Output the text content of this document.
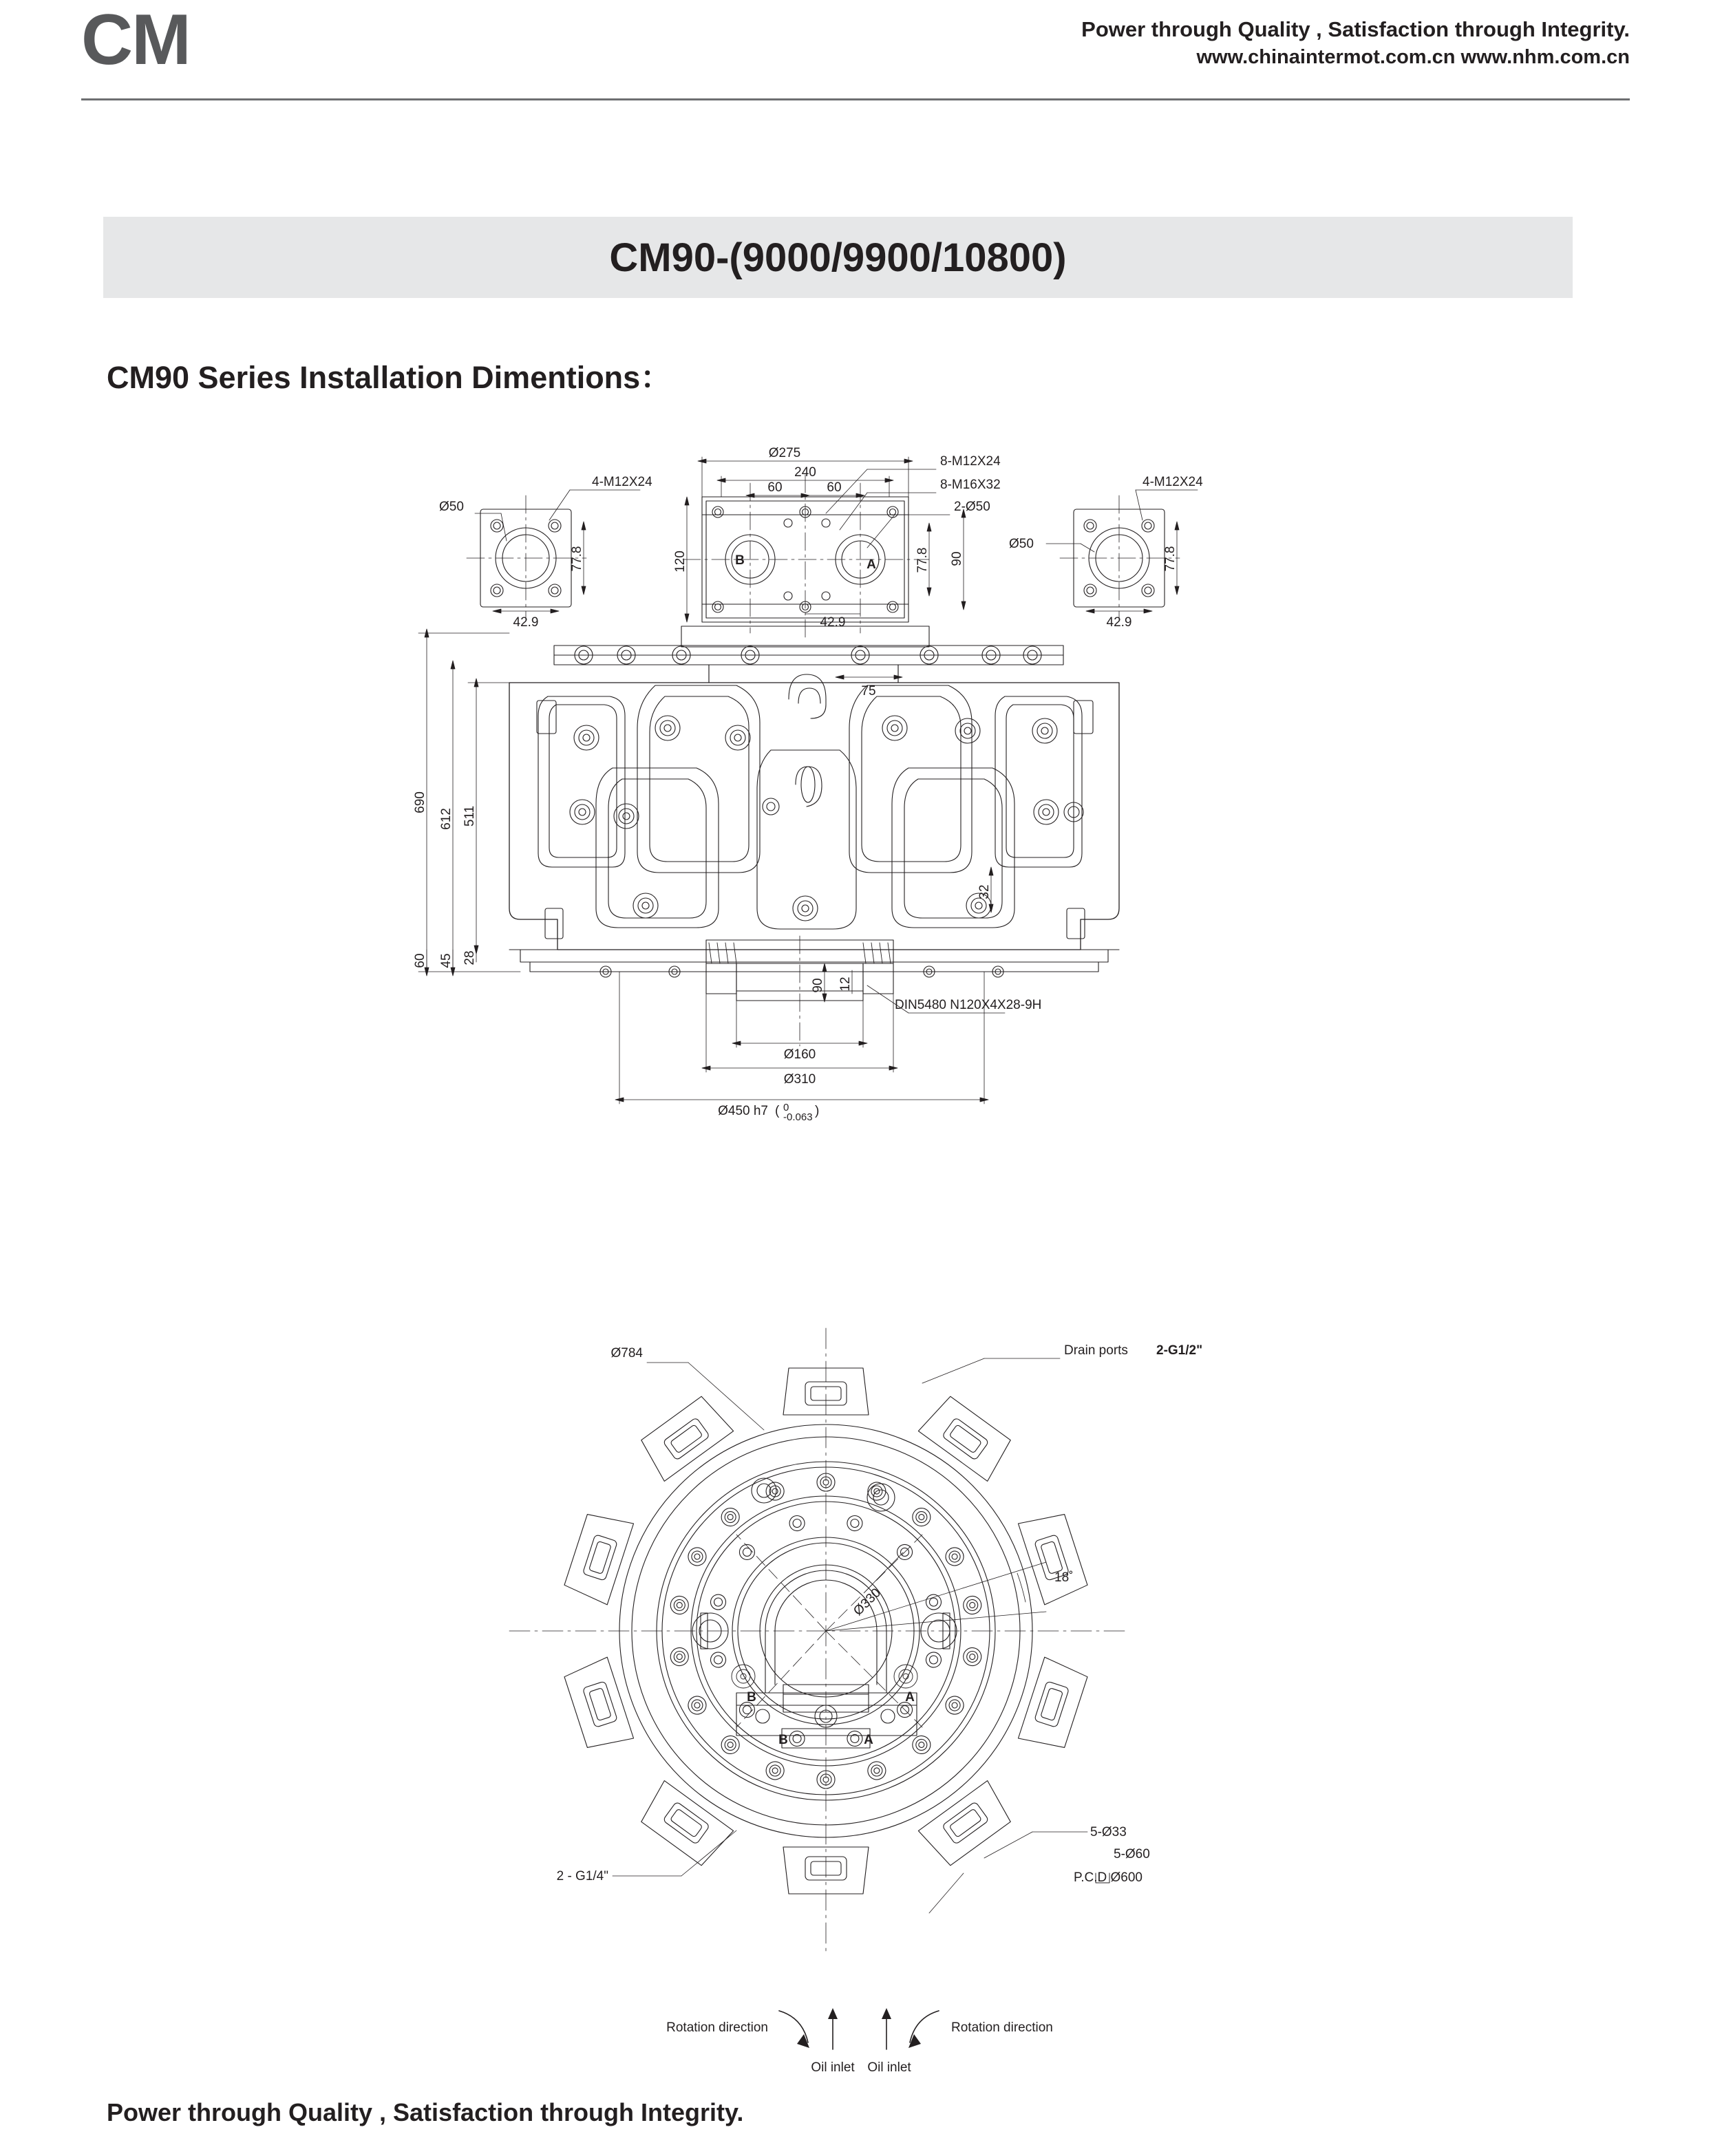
CM	Power through Quality , Satisfaction through Integrity.
www.chinaintermot.com.cn www.nhm.com.cn
CM90-(9000/9900/10800)
CM90 Series Installation Dimentions：
Ø275
240
60	60
8-M12X24
8-M16X32
2-Ø50
4-M12X24	4-M12X24
Ø50
Ø50
77.8	77.8	77.8
90
120
42.9	42.9	42.9
B	A
75
690
612 511
60 45 28
32
90 12
DIN5480 N120X4X28-9H
Ø160
Ø310
Ø450 h7 ( 0
-0.063 )
Ø784	Drain ports 2-G1/2"
18˚
Ø330
B	A
B	A
2 - G1/4"
5-Ø33
5-Ø60
P.C.D Ø600
Rotation direction
Oil inlet Oil inlet
Rotation direction
Power through Quality , Satisfaction through Integrity.
